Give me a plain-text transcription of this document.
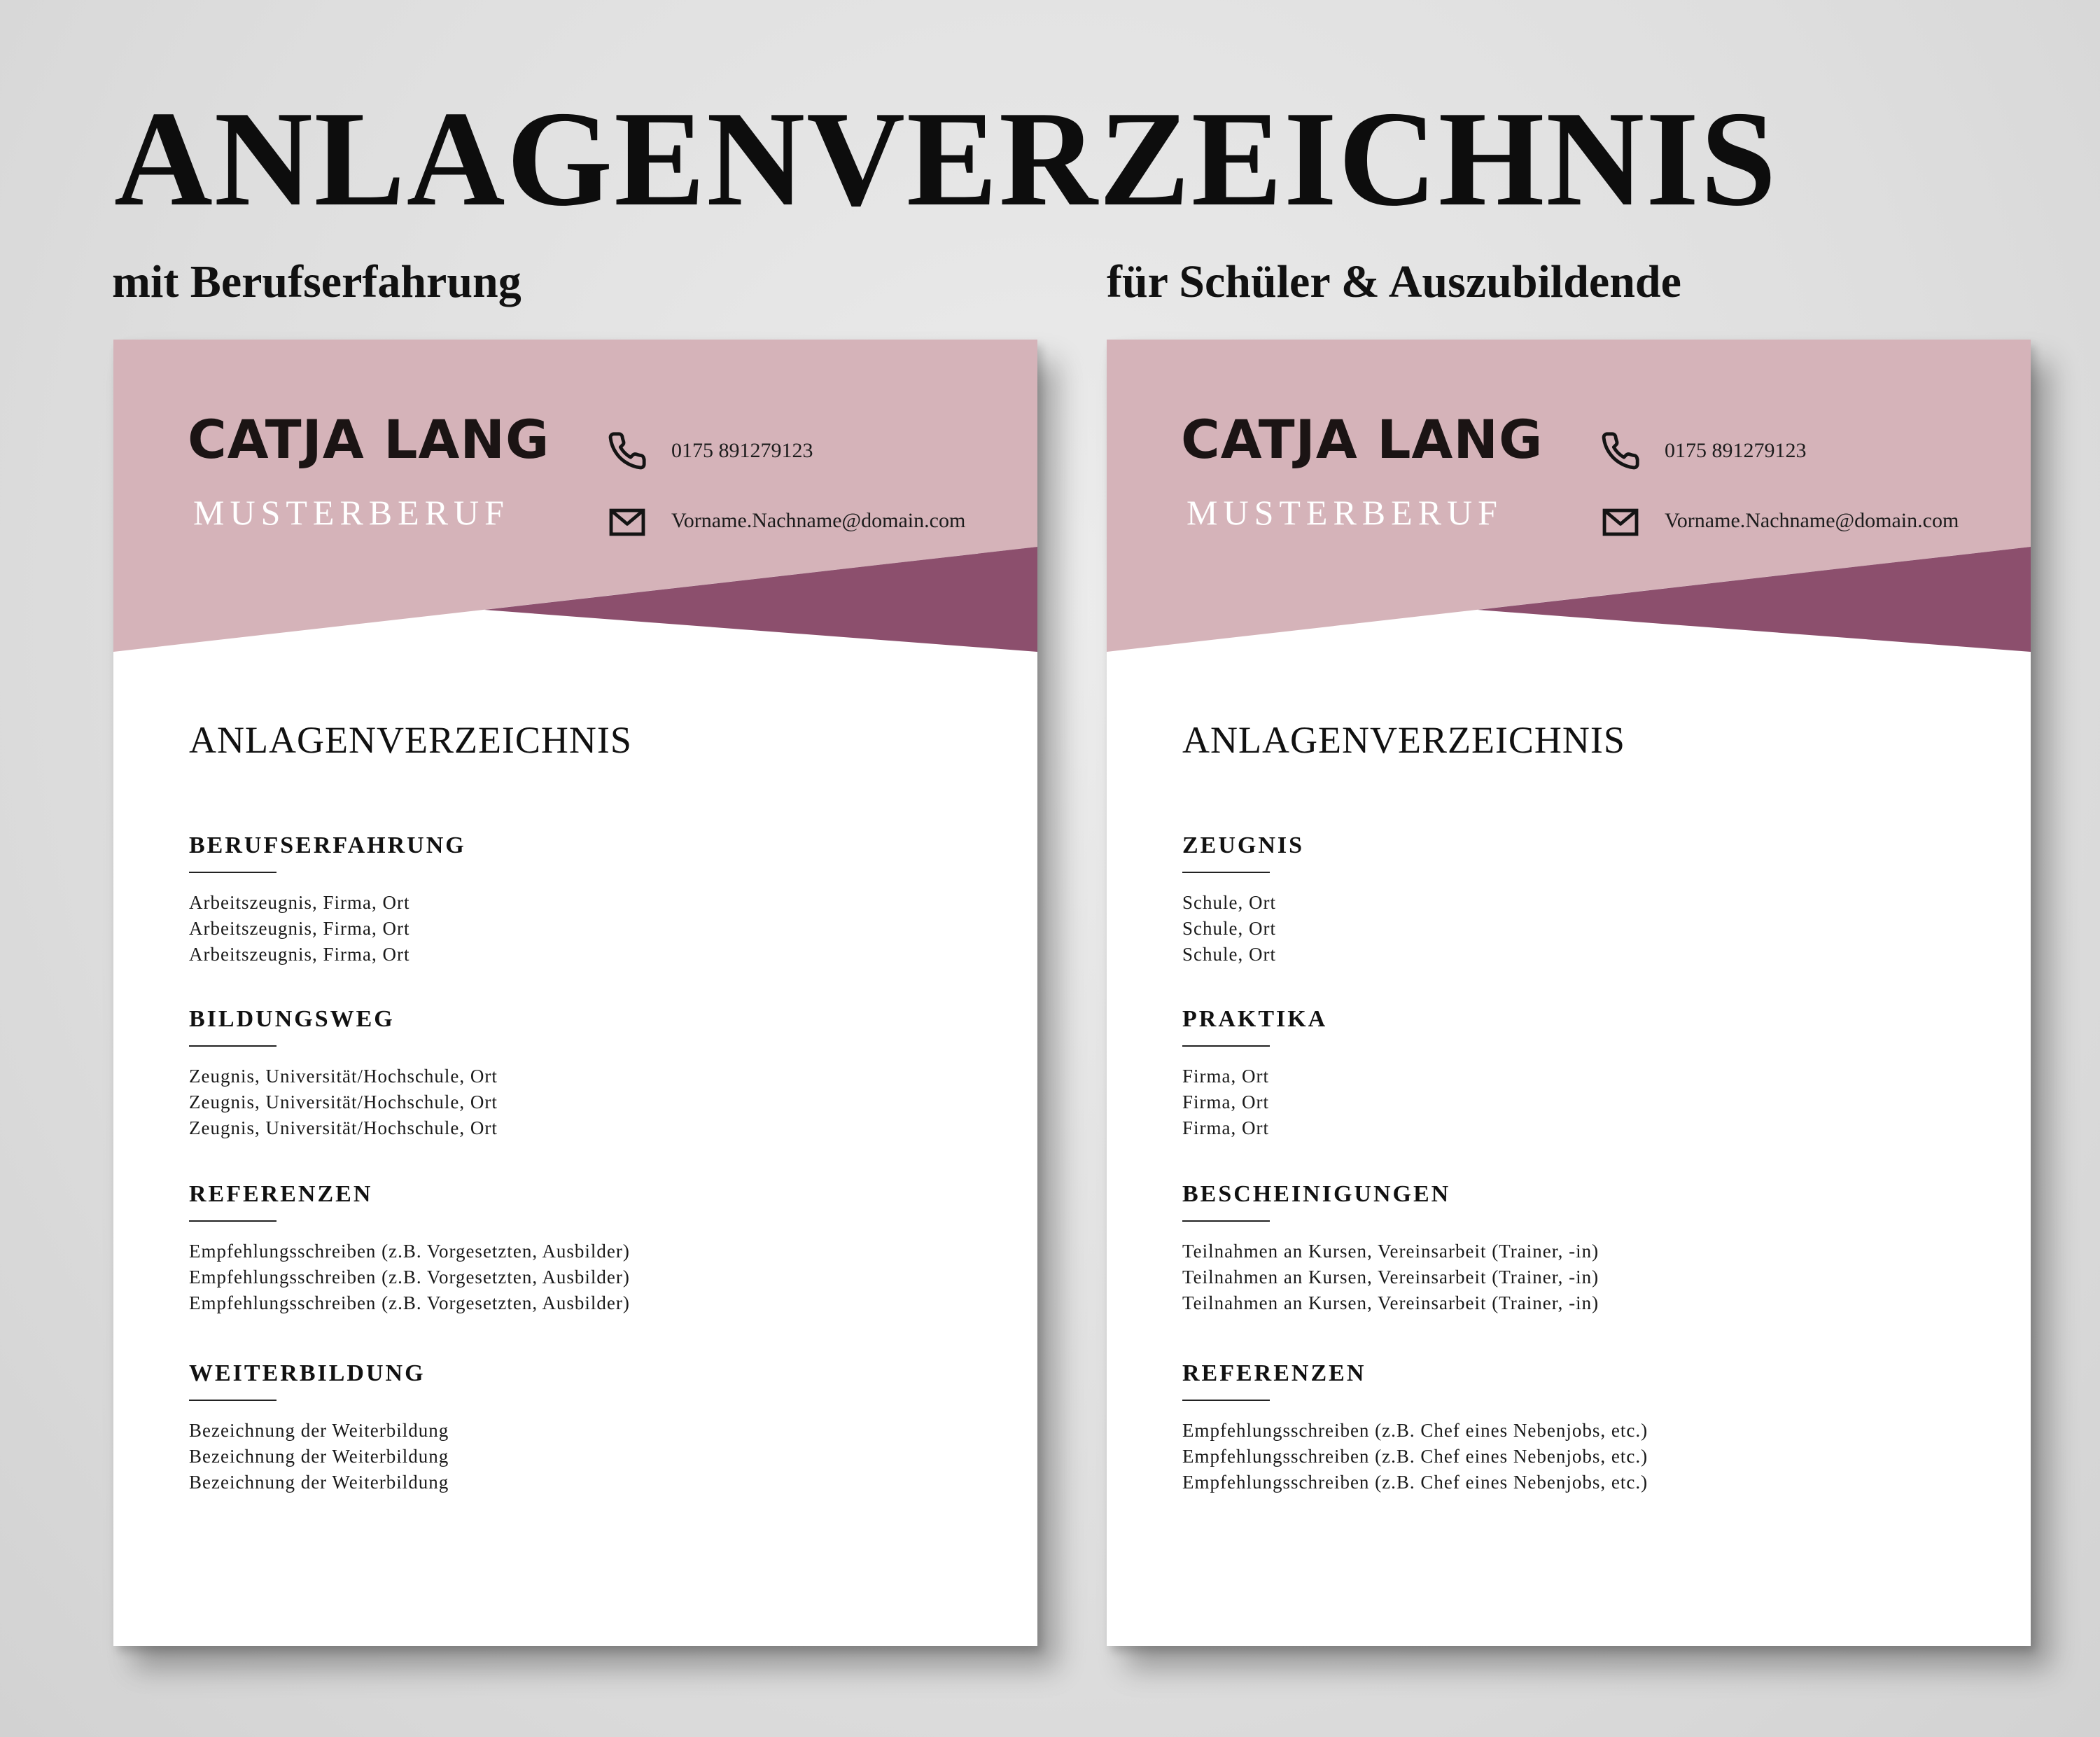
ANLAGENVERZEICHNIS
mit Berufserfahrung	für Schüler & Auszubildende
CATJA LANG
MUSTERBERUF
0175 891279123
Vorname.Nachname@domain.com
ANLAGENVERZEICHNIS
BERUFSERFAHRUNG
Arbeitszeugnis, Firma, Ort
Arbeitszeugnis, Firma, Ort
Arbeitszeugnis, Firma, Ort
BILDUNGSWEG
Zeugnis, Universität/Hochschule, Ort
Zeugnis, Universität/Hochschule, Ort
Zeugnis, Universität/Hochschule, Ort
REFERENZEN
Empfehlungsschreiben (z.B. Vorgesetzten, Ausbilder)
Empfehlungsschreiben (z.B. Vorgesetzten, Ausbilder)
Empfehlungsschreiben (z.B. Vorgesetzten, Ausbilder)
WEITERBILDUNG
Bezeichnung der Weiterbildung
Bezeichnung der Weiterbildung
Bezeichnung der Weiterbildung
CATJA LANG
MUSTERBERUF
0175 891279123
Vorname.Nachname@domain.com
ANLAGENVERZEICHNIS
ZEUGNIS
Schule, Ort
Schule, Ort
Schule, Ort
PRAKTIKA
Firma, Ort
Firma, Ort
Firma, Ort
BESCHEINIGUNGEN
Teilnahmen an Kursen, Vereinsarbeit (Trainer, -in)
Teilnahmen an Kursen, Vereinsarbeit (Trainer, -in)
Teilnahmen an Kursen, Vereinsarbeit (Trainer, -in)
REFERENZEN
Empfehlungsschreiben (z.B. Chef eines Nebenjobs, etc.)
Empfehlungsschreiben (z.B. Chef eines Nebenjobs, etc.)
Empfehlungsschreiben (z.B. Chef eines Nebenjobs, etc.)
